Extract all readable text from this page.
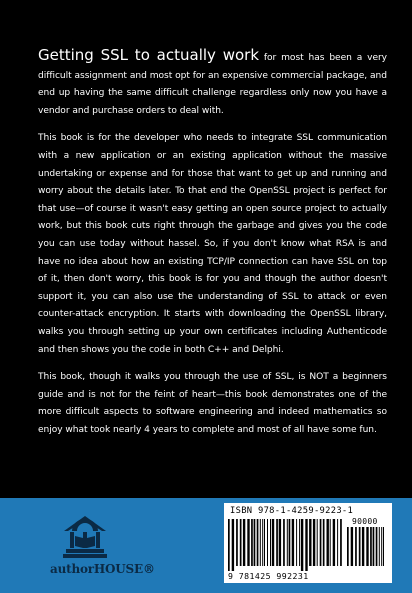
Getting SSL to actually work for most has been a very difficult assignment and most opt for an expensive commercial package, and end up having the same difficult challenge regardless only now you have a vendor and purchase orders to deal with.

This book is for the developer who needs to integrate SSL communication with a new application or an existing application without the massive undertaking or expense and for those that want to get up and running and worry about the details later. To that end the OpenSSL project is perfect for that use—of course it wasn't easy getting an open source project to actually work, but this book cuts right through the garbage and gives you the code you can use today without hassel. So, if you don't know what RSA is and have no idea about how an existing TCP/IP connection can have SSL on top of it, then don't worry, this book is for you and though the author doesn't support it, you can also use the understanding of SSL to attack or even counter-attack encryption. It starts with downloading the OpenSSL library, walks you through setting up your own certificates including Authenticode and then shows you the code in both C++ and Delphi.

This book, though it walks you through the use of SSL, is NOT a beginners guide and is not for the feint of heart—this book demonstrates one of the more difficult aspects to software engineering and indeed mathematics so enjoy what took nearly 4 years to complete and most of all have some fun.

authorHOUSE®
ISBN 978-1-4259-9223-1
90000
9 781425 992231
